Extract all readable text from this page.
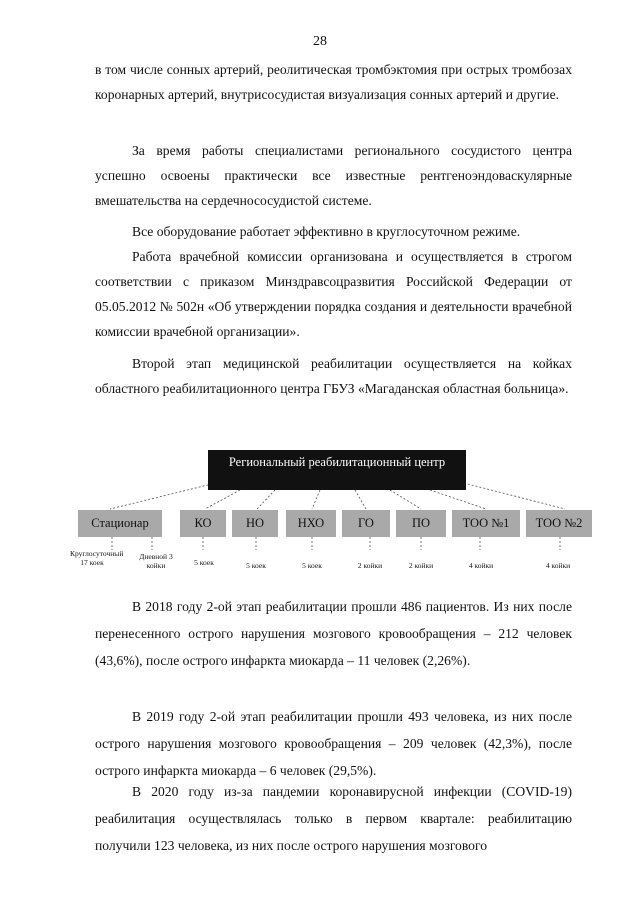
28

в том числе сонных артерий, реолитическая тромбэктомия при острых тромбозах коронарных артерий, внутрисосудистая визуализация сонных артерий и другие.

За время работы специалистами регионального сосудистого центра успешно освоены практически все известные рентгеноэндоваскулярные вмешательства на сердечнососудистой системе.

Все оборудование работает эффективно в круглосуточном режиме.

Работа врачебной комиссии организована и осуществляется в строгом соответствии с приказом Минздравсоцразвития Российской Федерации от 05.05.2012 № 502н «Об утверждении порядка создания и деятельности врачебной комиссии врачебной организации».

Второй этап медицинской реабилитации осуществляется на койках областного реабилитационного центра ГБУЗ «Магаданская областная больница».

Региональный реабилитационный центр
Стационар	КО	НО	НХО	ГО	ПО	ТОО №1	ТОО №2
Круглосуточный 17 коек
Дневной 3 койки	5 коек	5 коек	5 коек	2 койки	2 койки	4 койки	4 койки

В 2018 году 2-ой этап реабилитации прошли 486 пациентов. Из них после перенесенного острого нарушения мозгового кровообращения – 212 человек (43,6%), после острого инфаркта миокарда – 11 человек (2,26%).

В 2019 году 2-ой этап реабилитации прошли 493 человека, из них после острого нарушения мозгового кровообращения – 209 человек (42,3%), после острого инфаркта миокарда – 6 человек (29,5%).

В 2020 году из-за пандемии коронавирусной инфекции (COVID-19) реабилитация осуществлялась только в первом квартале: реабилитацию получили 123 человека, из них после острого нарушения мозгового
